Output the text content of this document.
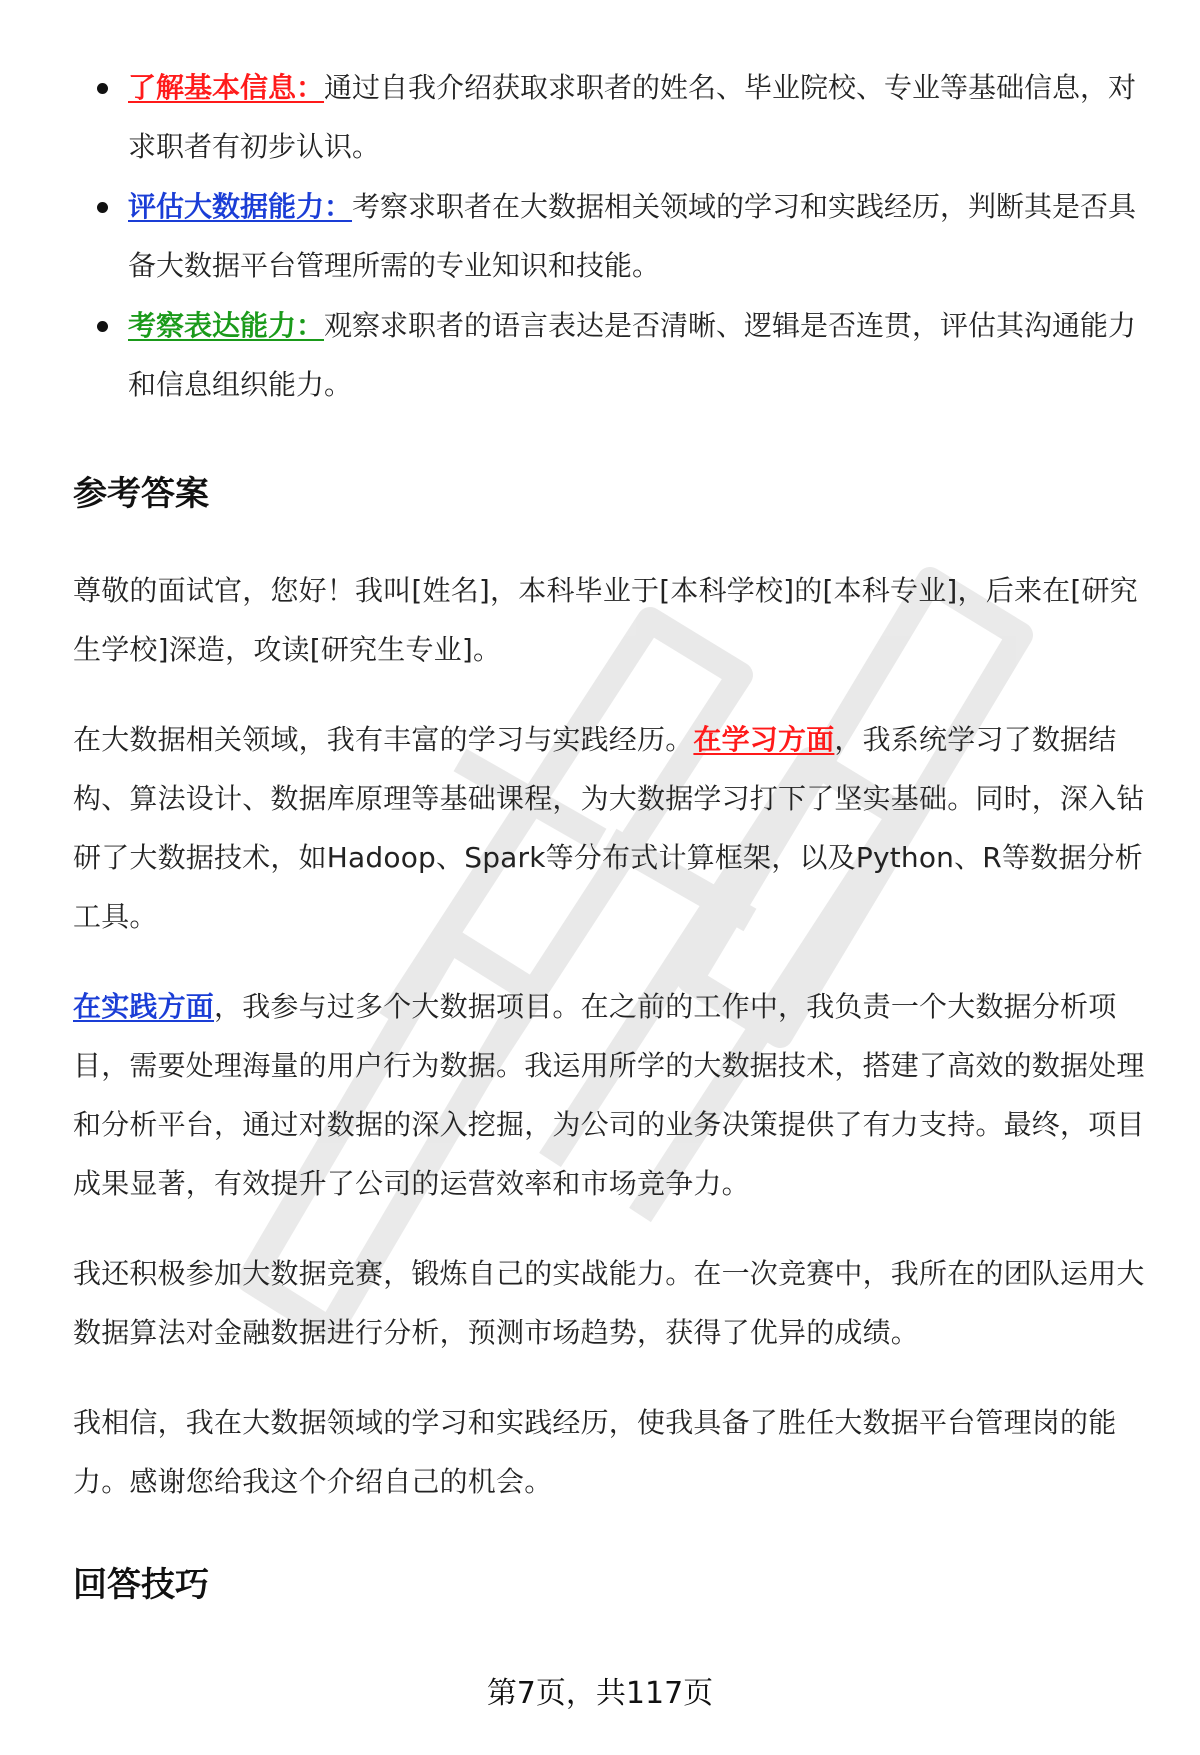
了解基本信息：通过自我介绍获取求职者的姓名、毕业院校、专业等基础信息，对求职者有初步认识。
评估大数据能力：考察求职者在大数据相关领域的学习和实践经历，判断其是否具备大数据平台管理所需的专业知识和技能。
考察表达能力：观察求职者的语言表达是否清晰、逻辑是否连贯，评估其沟通能力和信息组织能力。
参考答案

尊敬的面试官，您好！我叫[姓名]，本科毕业于[本科学校]的[本科专业]，后来在[研究生学校]深造，攻读[研究生专业]。

在大数据相关领域，我有丰富的学习与实践经历。在学习方面，我系统学习了数据结构、算法设计、数据库原理等基础课程，为大数据学习打下了坚实基础。同时，深入钻研了大数据技术，如Hadoop、Spark等分布式计算框架，以及Python、R等数据分析工具。

在实践方面，我参与过多个大数据项目。在之前的工作中，我负责一个大数据分析项目，需要处理海量的用户行为数据。我运用所学的大数据技术，搭建了高效的数据处理和分析平台，通过对数据的深入挖掘，为公司的业务决策提供了有力支持。最终，项目成果显著，有效提升了公司的运营效率和市场竞争力。

我还积极参加大数据竞赛，锻炼自己的实战能力。在一次竞赛中，我所在的团队运用大数据算法对金融数据进行分析，预测市场趋势，获得了优异的成绩。

我相信，我在大数据领域的学习和实践经历，使我具备了胜任大数据平台管理岗的能力。感谢您给我这个介绍自己的机会。

回答技巧
第7页，共117页
